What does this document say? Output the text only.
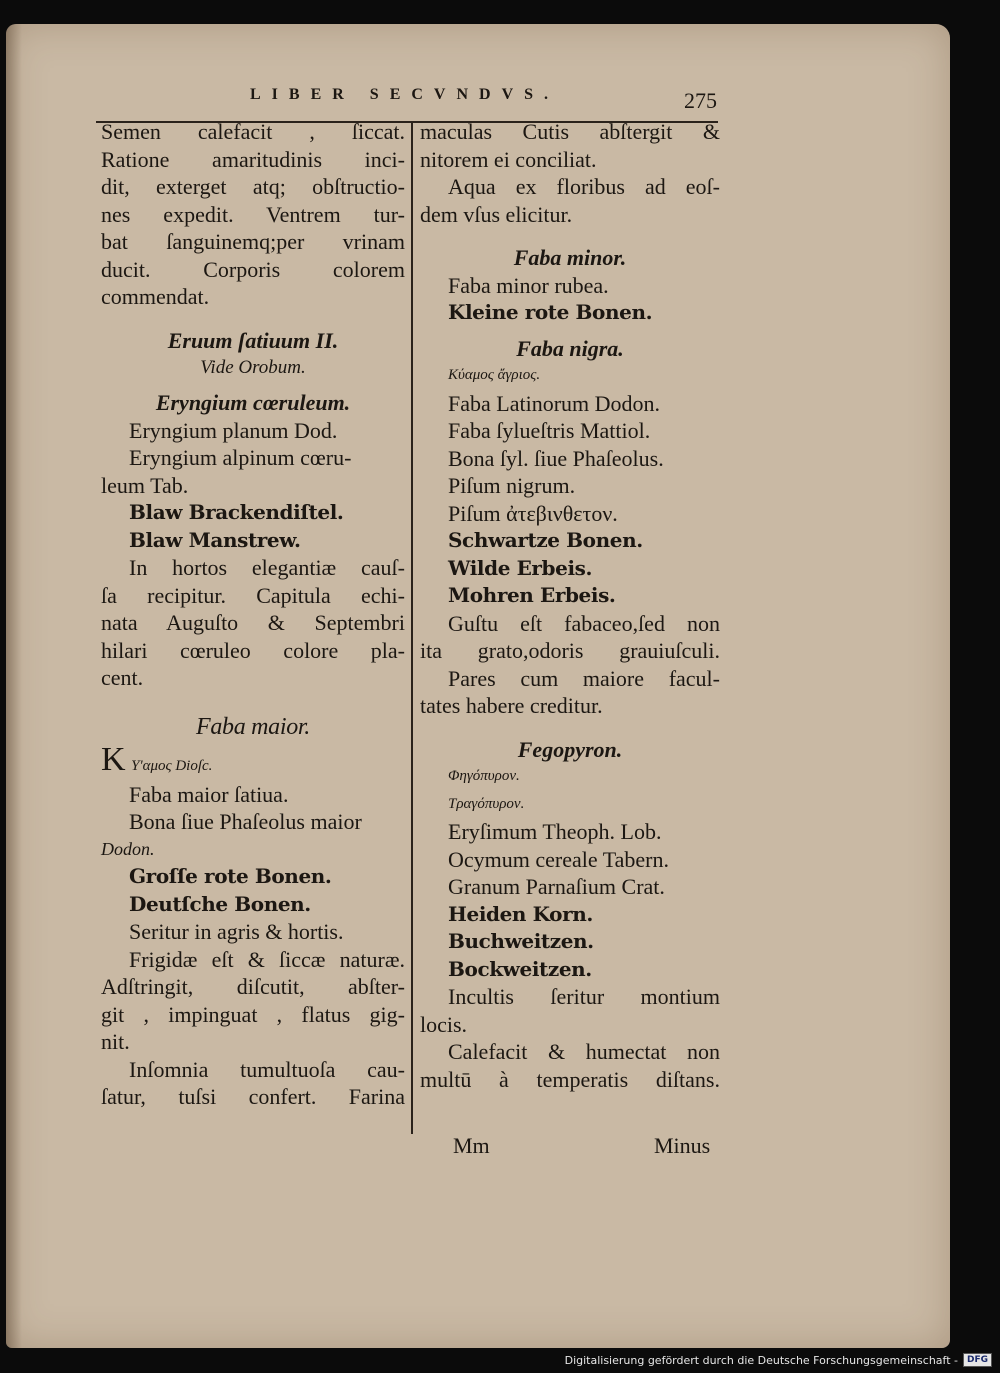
LIBER SECVNDVS.	275
Semen calefacit , ſiccat.
Ratione amaritudinis inci-
dit, exterget atq; obſtructio-
nes expedit. Ventrem tur-
bat ſanguinemq;per vrinam
ducit. Corporis colorem
commendat.
Eruum ſatiuum II.
Vide Orobum.
Eryngium cœruleum.
Eryngium planum Dod.
Eryngium alpinum cœru-
leum Tab.
Blaw Brackendiſtel.
Blaw Manstrew.
In hortos elegantiæ cauſ-
ſa recipitur. Capitula echi-
nata Auguſto & Septembri
hilari cœruleo colore pla-
cent.
Faba maior.
K Υ'αμος Dioſc.
Faba maior ſatiua.
Bona ſiue Phaſeolus maior
Dodon.
Groſſe rote Bonen.
Deutſche Bonen.
Seritur in agris & hortis.
Frigidæ eſt & ſiccæ naturæ.
Adſtringit, diſcutit, abſter-
git , impinguat , flatus gig-
nit.
Inſomnia tumultuoſa cau-
ſatur, tuſsi confert. Farina
maculas Cutis abſtergit &
nitorem ei conciliat.
Aqua ex floribus ad eoſ-
dem vſus elicitur.
Faba minor.
Faba minor rubea.
Kleine rote Bonen.
Faba nigra.
Κύαμος ἄγριος.
Faba Latinorum Dodon.
Faba ſylueſtris Mattiol.
Bona ſyl. ſiue Phaſeolus.
Piſum nigrum.
Piſum ἀτεβινθετον.
Schwartze Bonen.
Wilde Erbeis.
Mohren Erbeis.
Guſtu eſt fabaceo,ſed non
ita grato,odoris grauiuſculi.
Pares cum maiore facul-
tates habere creditur.
Fegopyron.
Φηγόπυρον.
Τραγόπυρον.
Eryſimum Theoph. Lob.
Ocymum cereale Tabern.
Granum Parnaſium Crat.
Heiden Korn.
Buchweitzen.
Bockweitzen.
Incultis ſeritur montium
locis.
Calefacit & humectat non
multū à temperatis diſtans.
Mm	Minus
Digitalisierung gefördert durch die Deutsche Forschungsgemeinschaft -	DFG
